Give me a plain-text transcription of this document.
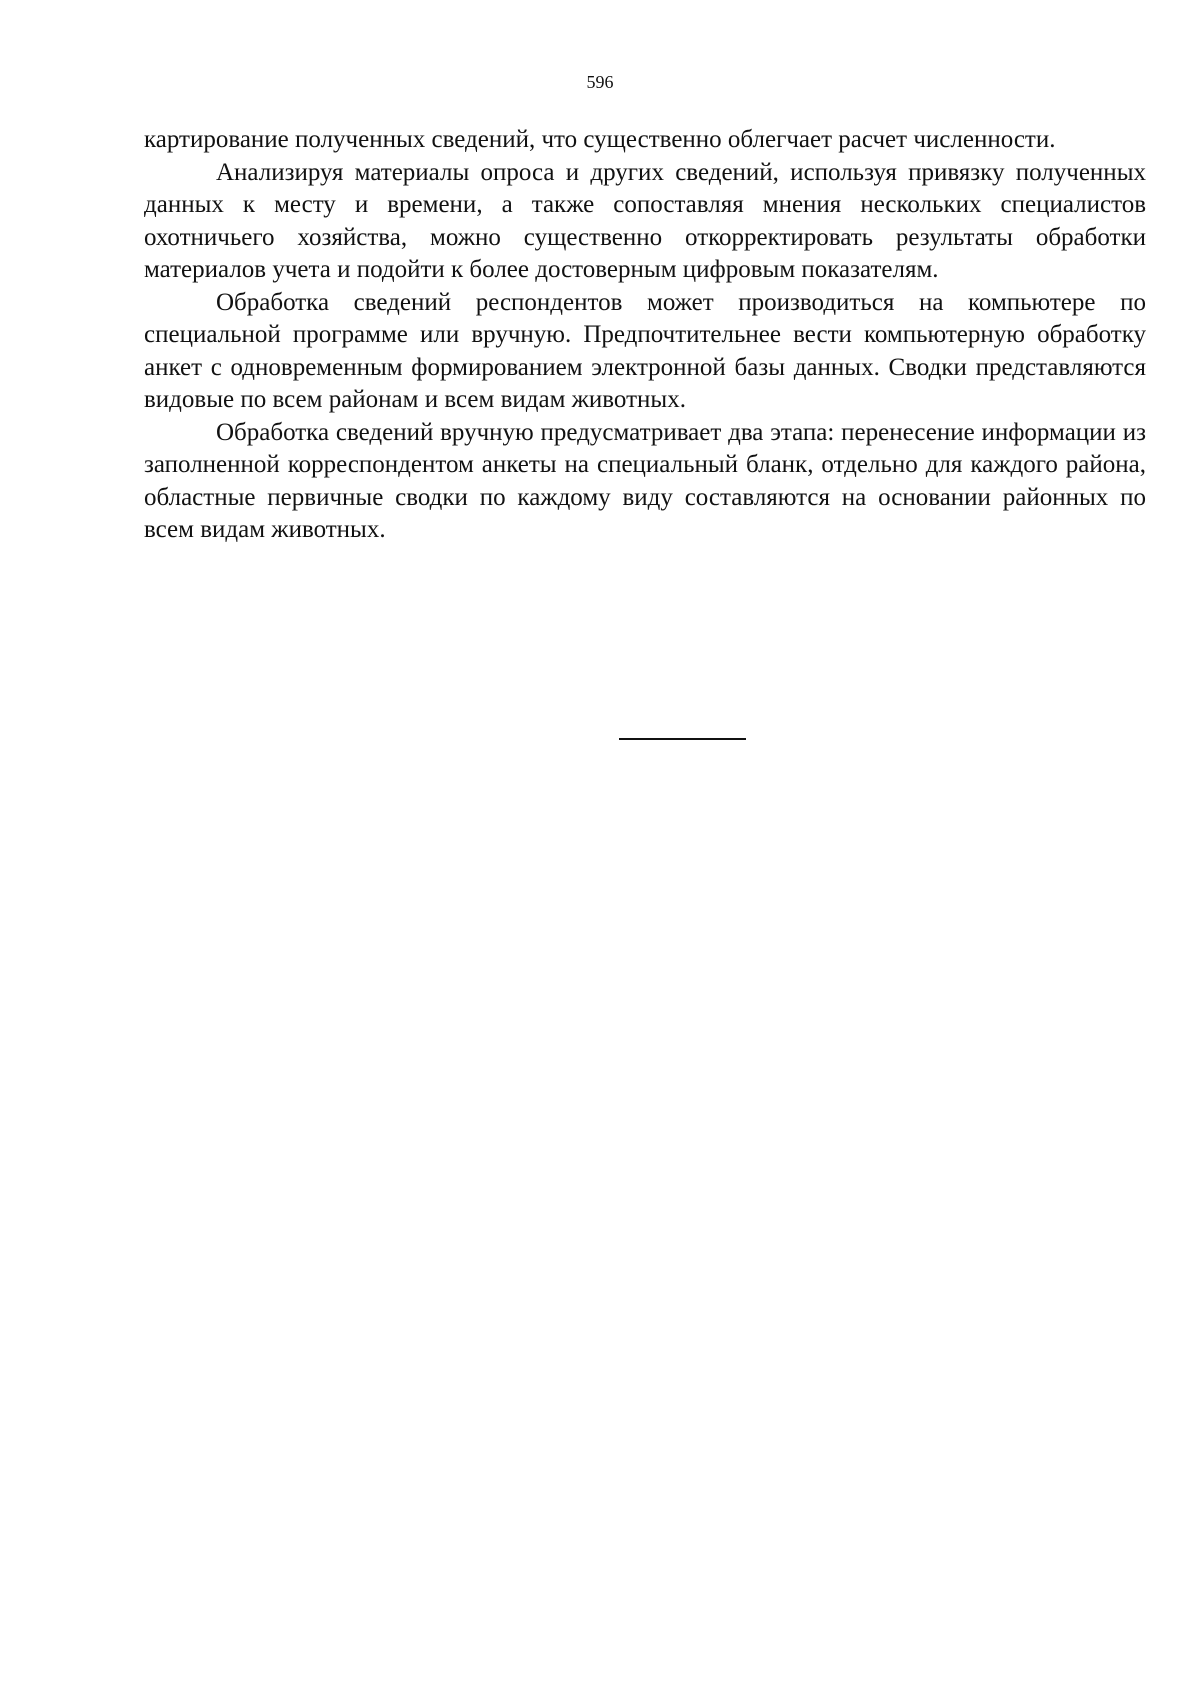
596

картирование полученных сведений, что существенно облегчает расчет численности.

Анализируя материалы опроса и других сведений, используя привязку полученных данных к месту и времени, а также сопоставляя мнения нескольких специалистов охотничьего хозяйства, можно существенно откорректировать результаты обработки материалов учета и подойти к более достоверным цифровым показателям.

Обработка сведений респондентов может производиться на компьютере по специальной программе или вручную. Предпочтительнее вести компьютерную обработку анкет с одновременным формированием электронной базы данных. Сводки представляются видовые по всем районам и всем видам животных.

Обработка сведений вручную предусматривает два этапа: перенесение информации из заполненной корреспондентом анкеты на специальный бланк, отдельно для каждого района, областные первичные сводки по каждому виду составляются на основании районных по всем видам животных.
